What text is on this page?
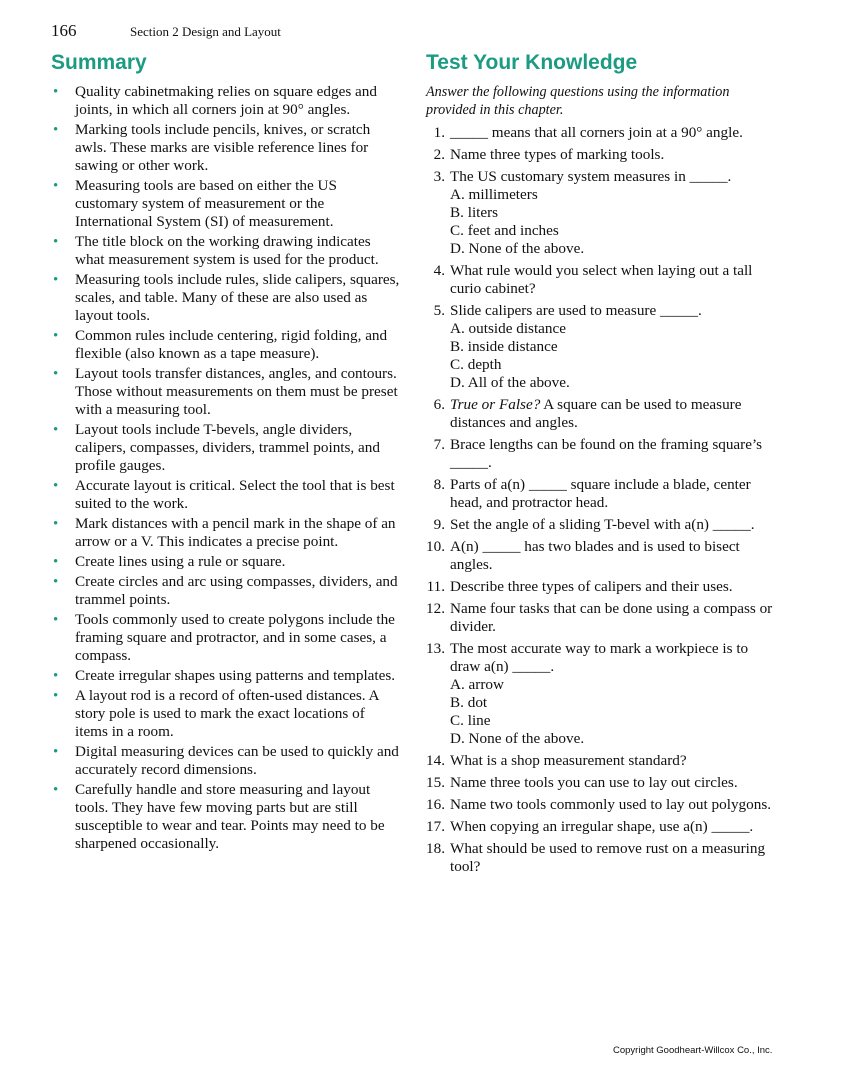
166	Section 2 Design and Layout
Summary
• Quality cabinetmaking relies on square edges and joints, in which all corners join at 90° angles.
• Marking tools include pencils, knives, or scratch awls. These marks are visible reference lines for sawing or other work.
• Measuring tools are based on either the US customary system of measurement or the International System (SI) of measurement.
• The title block on the working drawing indicates what measurement system is used for the product.
• Measuring tools include rules, slide calipers, squares, scales, and table. Many of these are also used as layout tools.
• Common rules include centering, rigid folding, and flexible (also known as a tape measure).
• Layout tools transfer distances, angles, and contours. Those without measurements on them must be preset with a measuring tool.
• Layout tools include T-bevels, angle dividers, calipers, compasses, dividers, trammel points, and profile gauges.
• Accurate layout is critical. Select the tool that is best suited to the work.
• Mark distances with a pencil mark in the shape of an arrow or a V. This indicates a precise point.
• Create lines using a rule or square.
• Create circles and arc using compasses, dividers, and trammel points.
• Tools commonly used to create polygons include the framing square and protractor, and in some cases, a compass.
• Create irregular shapes using patterns and templates.
• A layout rod is a record of often-used distances. A story pole is used to mark the exact locations of items in a room.
• Digital measuring devices can be used to quickly and accurately record dimensions.
• Carefully handle and store measuring and layout tools. They have few moving parts but are still susceptible to wear and tear. Points may need to be sharpened occasionally.
Test Your Knowledge
Answer the following questions using the information provided in this chapter.
1. _____ means that all corners join at a 90° angle.
2. Name three types of marking tools.
3. The US customary system measures in _____.
A. millimeters
B. liters
C. feet and inches
D. None of the above.
4. What rule would you select when laying out a tall curio cabinet?
5. Slide calipers are used to measure _____.
A. outside distance
B. inside distance
C. depth
D. All of the above.
6. True or False? A square can be used to measure distances and angles.
7. Brace lengths can be found on the framing square’s _____.
8. Parts of a(n) _____ square include a blade, center head, and protractor head.
9. Set the angle of a sliding T-bevel with a(n) _____.
10. A(n) _____ has two blades and is used to bisect angles.
11. Describe three types of calipers and their uses.
12. Name four tasks that can be done using a compass or divider.
13. The most accurate way to mark a workpiece is to draw a(n) _____.
A. arrow
B. dot
C. line
D. None of the above.
14. What is a shop measurement standard?
15. Name three tools you can use to lay out circles.
16. Name two tools commonly used to lay out polygons.
17. When copying an irregular shape, use a(n) _____.
18. What should be used to remove rust on a measuring tool?
Copyright Goodheart-Willcox Co., Inc.
